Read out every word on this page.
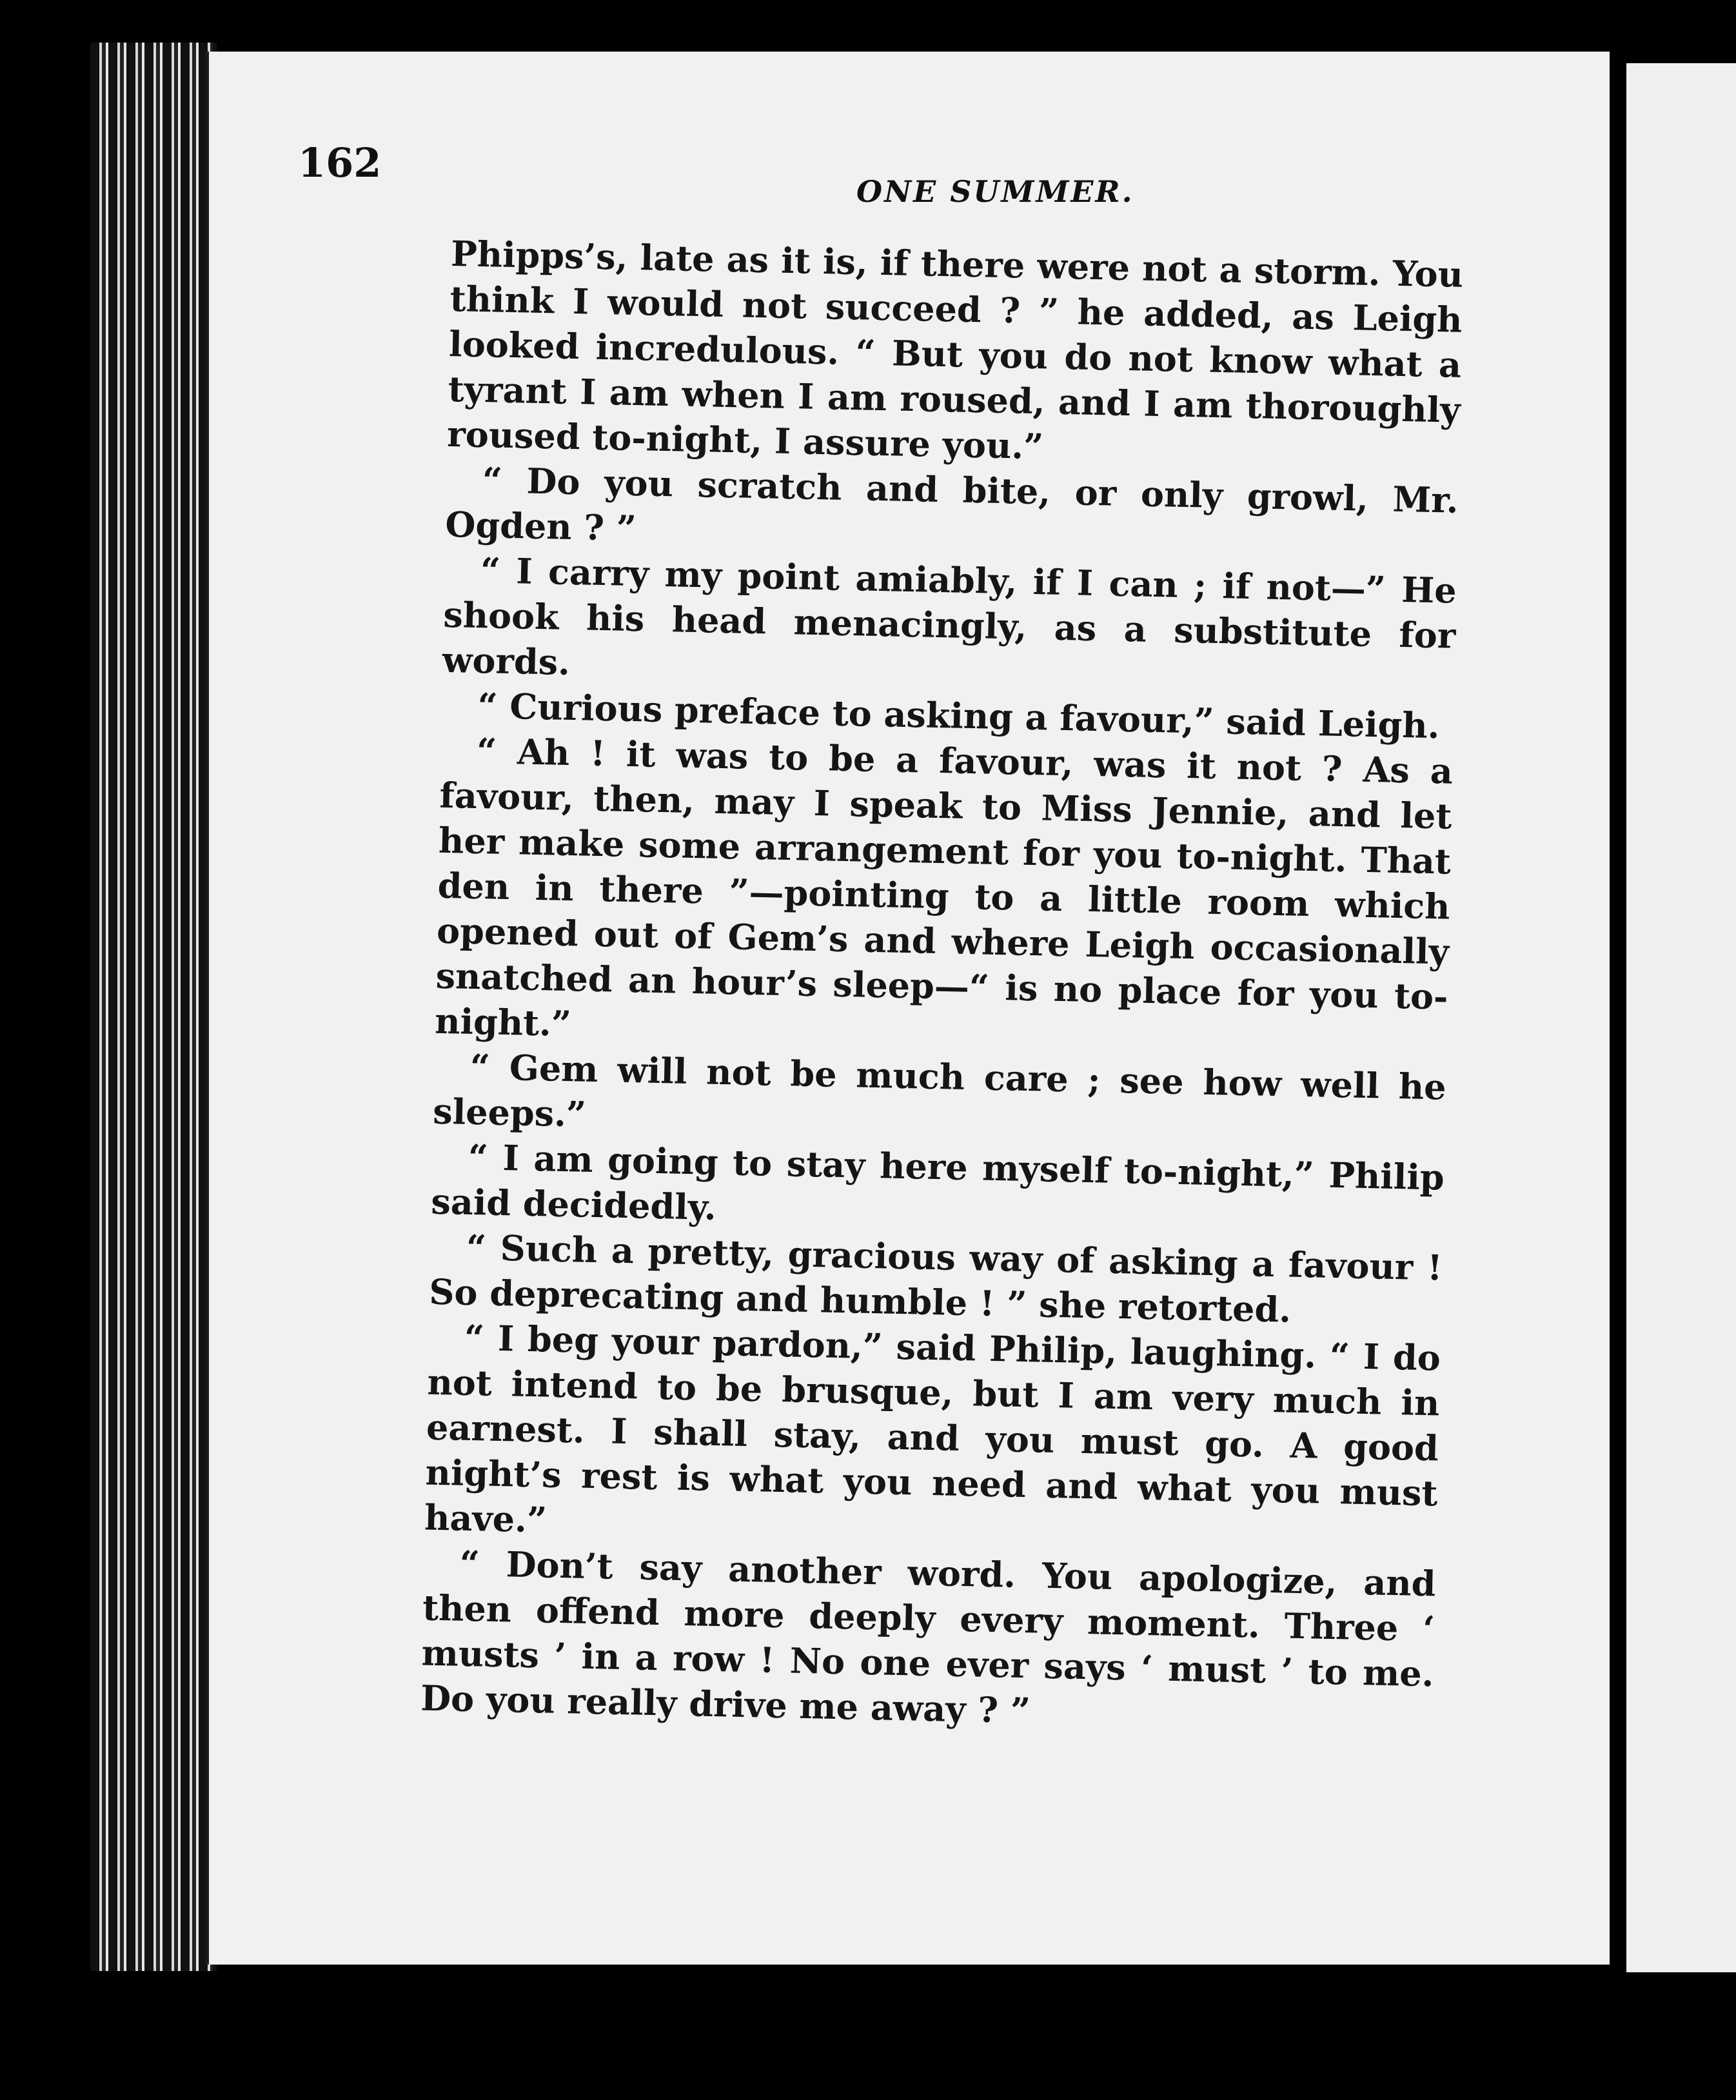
162
ONE SUMMER.

Phipps’s, late as it is, if there were not a storm. You think I would not succeed ? ” he added, as Leigh looked incredulous. “ But you do not know what a tyrant I am when I am roused, and I am thoroughly roused to-night, I assure you.”

“ Do you scratch and bite, or only growl, Mr. Ogden ? ”

“ I carry my point amiably, if I can ; if not—” He shook his head menacingly, as a substitute for words.

“ Curious preface to asking a favour,” said Leigh.

“ Ah ! it was to be a favour, was it not ? As a favour, then, may I speak to Miss Jennie, and let her make some arrangement for you to-night. That den in there ”—pointing to a little room which opened out of Gem’s and where Leigh occasionally snatched an hour’s sleep—“ is no place for you to-night.”

“ Gem will not be much care ; see how well he sleeps.”

“ I am going to stay here myself to-night,” Philip said decidedly.

“ Such a pretty, gracious way of asking a favour ! So deprecating and humble ! ” she retorted.

“ I beg your pardon,” said Philip, laughing. “ I do not intend to be brusque, but I am very much in earnest. I shall stay, and you must go. A good night’s rest is what you need and what you must have.”

“ Don’t say another word. You apologize, and then offend more deeply every moment. Three ‘ musts ’ in a row ! No one ever says ‘ must ’ to me. Do you really drive me away ? ”
